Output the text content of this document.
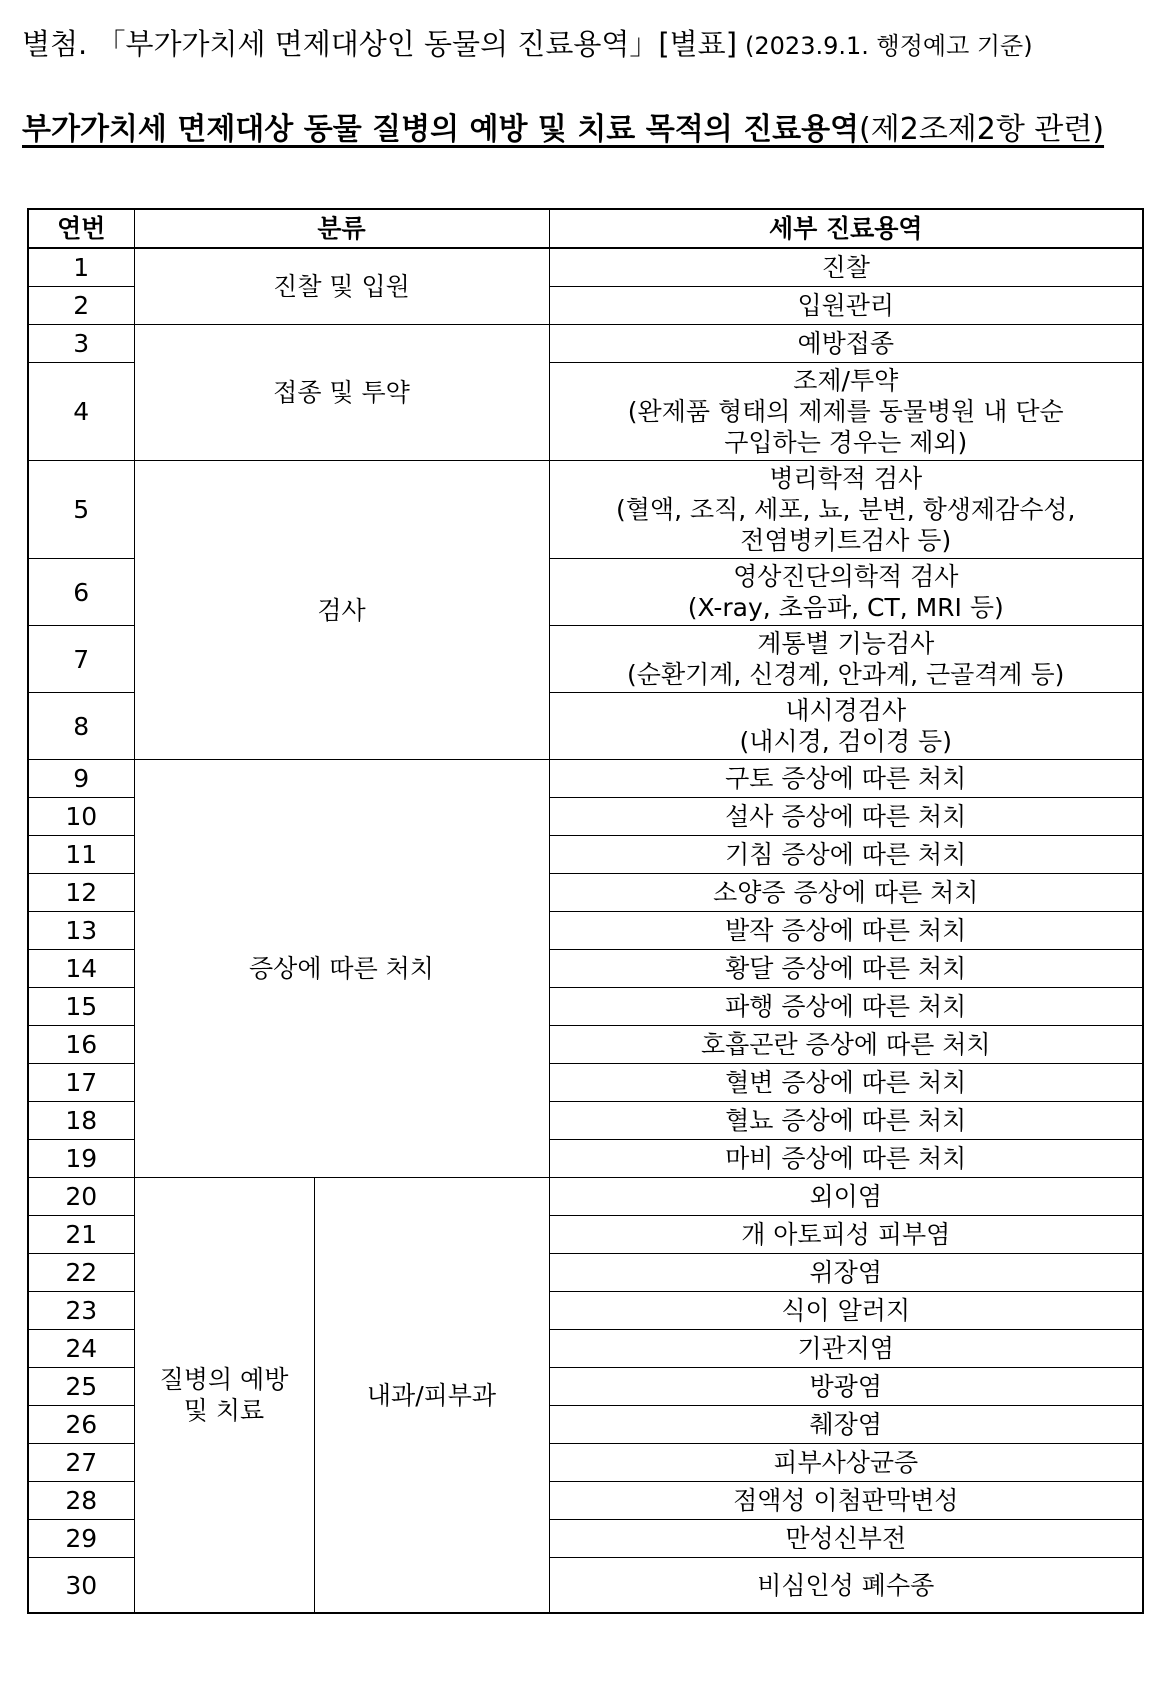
별첨. 「부가가치세 면제대상인 동물의 진료용역」[별표] (2023.9.1. 행정예고 기준)
부가가치세 면제대상 동물 질병의 예방 및 치료 목적의 진료용역(제2조제2항 관련)
연번	분류		세부 진료용역
1	진찰 및 입원		진찰
2			입원관리
3	접종 및 투약		예방접종
4			조제/투약
(완제품 형태의 제제를 동물병원 내 단순
구입하는 경우는 제외)
5	검사		병리학적 검사
(혈액, 조직, 세포, 뇨, 분변, 항생제감수성,
전염병키트검사 등)
6			영상진단의학적 검사
(X-ray, 초음파, CT, MRI 등)
7			계통별 기능검사
(순환기계, 신경계, 안과계, 근골격계 등)
8			내시경검사
(내시경, 검이경 등)
9	증상에 따른 처치		구토 증상에 따른 처치
10			설사 증상에 따른 처치
11			기침 증상에 따른 처치
12			소양증 증상에 따른 처치
13			발작 증상에 따른 처치
14			황달 증상에 따른 처치
15			파행 증상에 따른 처치
16			호흡곤란 증상에 따른 처치
17			혈변 증상에 따른 처치
18			혈뇨 증상에 따른 처치
19			마비 증상에 따른 처치
20	질병의 예방
및 치료	내과/피부과	외이염
21			개 아토피성 피부염
22			위장염
23			식이 알러지
24			기관지염
25			방광염
26			췌장염
27			피부사상균증
28			점액성 이첨판막변성
29			만성신부전
30			비심인성 폐수종
